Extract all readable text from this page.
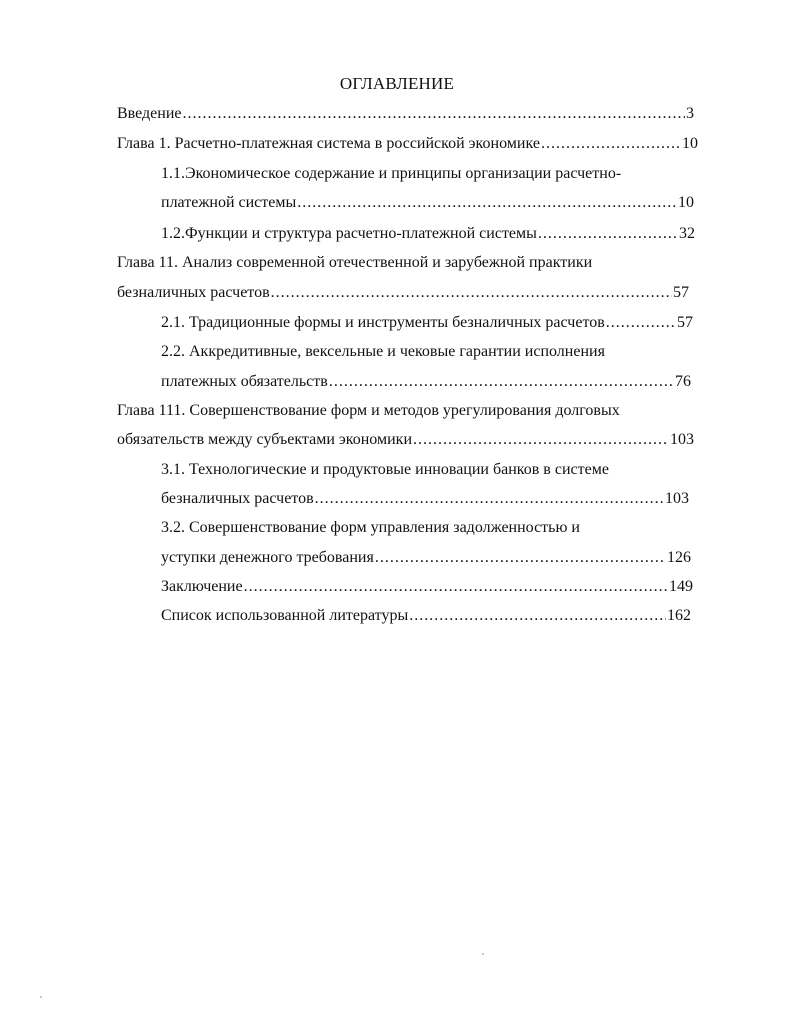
ОГЛАВЛЕНИЕ
Введение .....	3
Глава 1. Расчетно-платежная система в российской экономике .....	10
1.1.Экономическое содержание и принципы организации расчетно-
платежной системы .....	10
1.2.Функции и структура расчетно-платежной системы .....	32
Глава 11. Анализ современной отечественной и зарубежной практики
безналичных расчетов .....	57
2.1. Традиционные формы и инструменты безналичных расчетов .....	57
2.2. Аккредитивные, вексельные и чековые гарантии исполнения
платежных обязательств .....	76
Глава 111. Совершенствование форм и методов урегулирования долговых
обязательств между субъектами экономики .....	103
3.1. Технологические и продуктовые инновации банков в системе
безналичных расчетов .....	103
3.2. Совершенствование форм управления задолженностью и
уступки денежного требования .....	126
Заключение .....	149
Список использованной литературы .....	162
